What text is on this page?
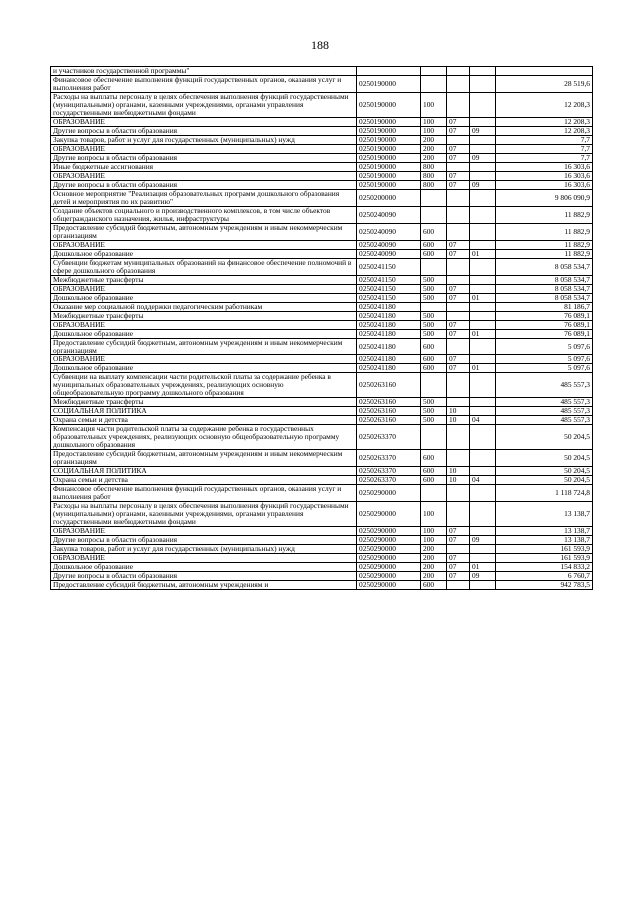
188
и участников государственной программы"					
Финансовое обеспечение выполнения функций государственных органов, оказания услуг и выполнения работ	0250190000				28 519,6
Расходы на выплаты персоналу в целях обеспечения выполнения функций государственными (муниципальными) органами, казенными учреждениями, органами управления государственными внебюджетными фондами	0250190000	100			12 208,3
ОБРАЗОВАНИЕ	0250190000	100	07		12 208,3
Другие вопросы в области образования	0250190000	100	07	09	12 208,3
Закупка товаров, работ и услуг для государственных (муниципальных) нужд	0250190000	200			7,7
ОБРАЗОВАНИЕ	0250190000	200	07		7,7
Другие вопросы в области образования	0250190000	200	07	09	7,7
Иные бюджетные ассигнования	0250190000	800			16 303,6
ОБРАЗОВАНИЕ	0250190000	800	07		16 303,6
Другие вопросы в области образования	0250190000	800	07	09	16 303,6
Основное мероприятие "Реализация образовательных программ дошкольного образования детей и мероприятия по их развитию"	0250200000				9 806 090,9
Создание объектов социального и производственного комплексов, в том числе объектов общегражданского назначения, жилья, инфраструктуры	0250240090				11 882,9
Предоставление субсидий бюджетным, автономным учреждениям и иным некоммерческим организациям	0250240090	600			11 882,9
ОБРАЗОВАНИЕ	0250240090	600	07		11 882,9
Дошкольное образование	0250240090	600	07	01	11 882,9
Субвенции бюджетам муниципальных образований на финансовое обеспечение полномочий в сфере дошкольного образования	0250241150				8 058 534,7
Межбюджетные трансферты	0250241150	500			8 058 534,7
ОБРАЗОВАНИЕ	0250241150	500	07		8 058 534,7
Дошкольное образование	0250241150	500	07	01	8 058 534,7
Оказание мер социальной поддержки педагогическим работникам	0250241180				81 186,7
Межбюджетные трансферты	0250241180	500			76 089,1
ОБРАЗОВАНИЕ	0250241180	500	07		76 089,1
Дошкольное образование	0250241180	500	07	01	76 089,1
Предоставление субсидий бюджетным, автономным учреждениям и иным некоммерческим организациям	0250241180	600			5 097,6
ОБРАЗОВАНИЕ	0250241180	600	07		5 097,6
Дошкольное образование	0250241180	600	07	01	5 097,6
Субвенции на выплату компенсации части родительской платы за содержание ребенка в муниципальных образовательных учреждениях, реализующих основную общеобразовательную программу дошкольного образования	0250263160				485 557,3
Межбюджетные трансферты	0250263160	500			485 557,3
СОЦИАЛЬНАЯ ПОЛИТИКА	0250263160	500	10		485 557,3
Охрана семьи и детства	0250263160	500	10	04	485 557,3
Компенсация части родительской платы за содержание ребенка в государственных образовательных учреждениях, реализующих основную общеобразовательную программу дошкольного образования	0250263370				50 204,5
Предоставление субсидий бюджетным, автономным учреждениям и иным некоммерческим организациям	0250263370	600			50 204,5
СОЦИАЛЬНАЯ ПОЛИТИКА	0250263370	600	10		50 204,5
Охрана семьи и детства	0250263370	600	10	04	50 204,5
Финансовое обеспечение выполнения функций государственных органов, оказания услуг и выполнения работ	0250290000				1 118 724,8
Расходы на выплаты персоналу в целях обеспечения выполнения функций государственными (муниципальными) органами, казенными учреждениями, органами управления государственными внебюджетными фондами	0250290000	100			13 138,7
ОБРАЗОВАНИЕ	0250290000	100	07		13 138,7
Другие вопросы в области образования	0250290000	100	07	09	13 138,7
Закупка товаров, работ и услуг для государственных (муниципальных) нужд	0250290000	200			161 593,9
ОБРАЗОВАНИЕ	0250290000	200	07		161 593,9
Дошкольное образование	0250290000	200	07	01	154 833,2
Другие вопросы в области образования	0250290000	200	07	09	6 760,7
Предоставление субсидий бюджетным, автономным учреждениям и	0250290000	600			942 783,5
